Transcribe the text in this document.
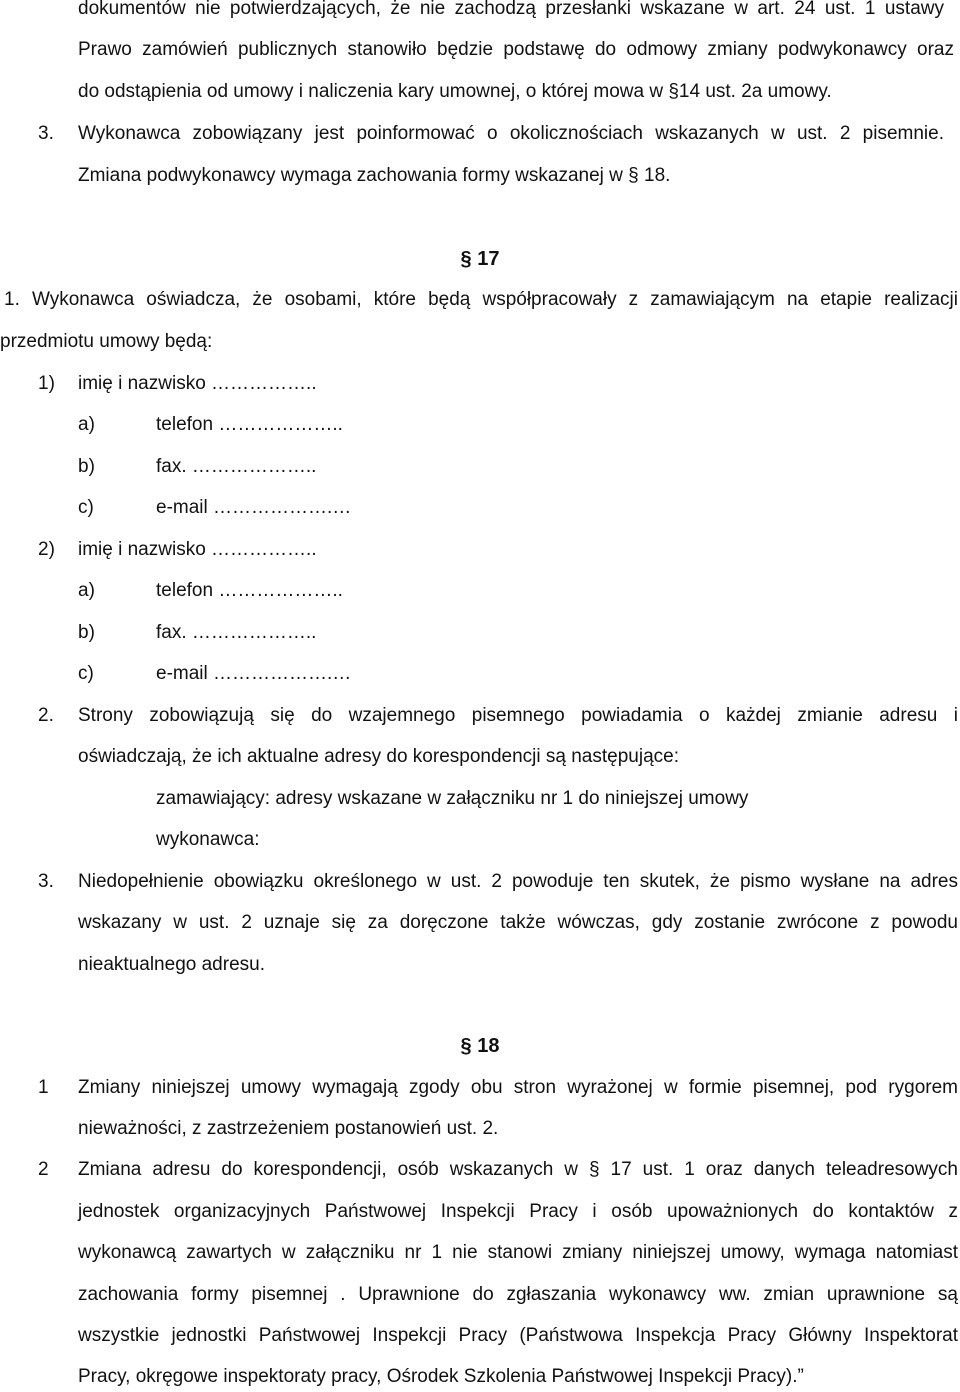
dokumentów nie potwierdzających, że nie zachodzą przesłanki wskazane w art. 24 ust. 1 ustawy
Prawo zamówień publicznych stanowiło będzie podstawę do odmowy zmiany podwykonawcy oraz
do odstąpienia od umowy i naliczenia kary umownej, o której mowa w §14 ust. 2a umowy.
3. Wykonawca zobowiązany jest poinformować o okolicznościach wskazanych w ust. 2 pisemnie.
Zmiana podwykonawcy wymaga zachowania formy wskazanej w § 18.
§ 17
1. Wykonawca oświadcza, że osobami, które będą współpracowały z zamawiającym na etapie realizacji
przedmiotu umowy będą:
1) imię i nazwisko ……………..
a)	telefon ………………..
b)	fax. ………………..
c)	e-mail ……………….…
2) imię i nazwisko ……………..
a)	telefon ………………..
b)	fax. ………………..
c)	e-mail ……………….…
2. Strony zobowiązują się do wzajemnego pisemnego powiadamia o każdej zmianie adresu i
oświadczają, że ich aktualne adresy do korespondencji są następujące:
zamawiający: adresy wskazane w załączniku nr 1 do niniejszej umowy
wykonawca:
3. Niedopełnienie obowiązku określonego w ust. 2 powoduje ten skutek, że pismo wysłane na adres
wskazany w ust. 2 uznaje się za doręczone także wówczas, gdy zostanie zwrócone z powodu
nieaktualnego adresu.
§ 18
1 Zmiany niniejszej umowy wymagają zgody obu stron wyrażonej w formie pisemnej, pod rygorem
nieważności, z zastrzeżeniem postanowień ust. 2.
2 Zmiana adresu do korespondencji, osób wskazanych w § 17 ust. 1 oraz danych teleadresowych
jednostek organizacyjnych Państwowej Inspekcji Pracy i osób upoważnionych do kontaktów z
wykonawcą zawartych w załączniku nr 1 nie stanowi zmiany niniejszej umowy, wymaga natomiast
zachowania formy pisemnej . Uprawnione do zgłaszania wykonawcy ww. zmian uprawnione są
wszystkie jednostki Państwowej Inspekcji Pracy (Państwowa Inspekcja Pracy Główny Inspektorat
Pracy, okręgowe inspektoraty pracy, Ośrodek Szkolenia Państwowej Inspekcji Pracy).”
